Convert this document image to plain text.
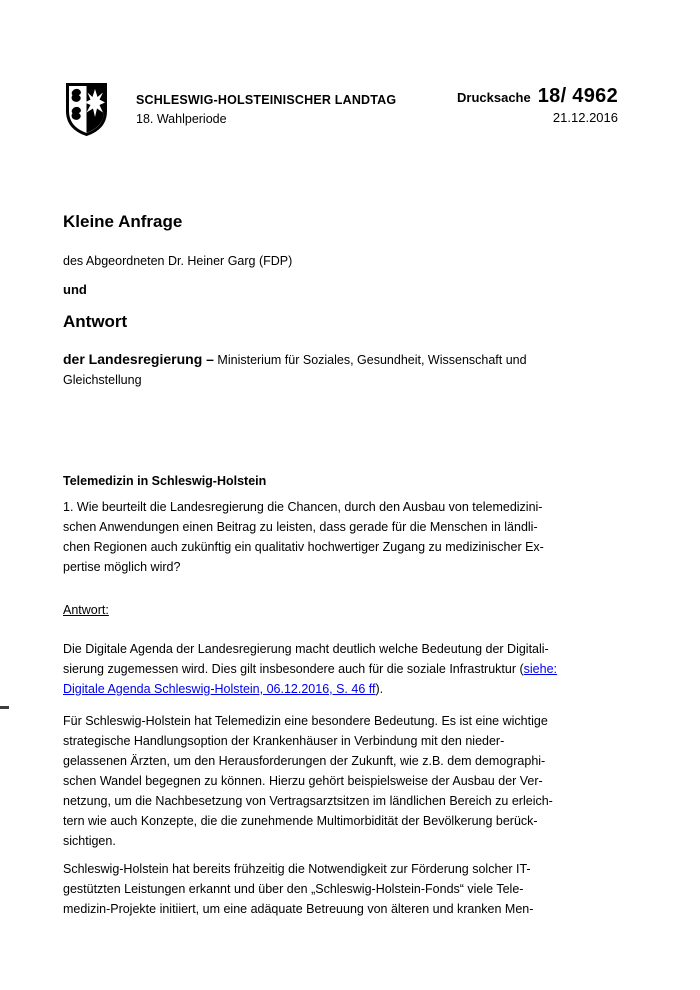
SCHLESWIG-HOLSTEINISCHER LANDTAG
18. Wahlperiode
Drucksache 18/ 4962
21.12.2016
Kleine Anfrage
des Abgeordneten Dr. Heiner Garg (FDP)
und
Antwort
der Landesregierung – Ministerium für Soziales, Gesundheit, Wissenschaft und
Gleichstellung
Telemedizin in Schleswig-Holstein
1. Wie beurteilt die Landesregierung die Chancen, durch den Ausbau von telemedizini-
schen Anwendungen einen Beitrag zu leisten, dass gerade für die Menschen in ländli-
chen Regionen auch zukünftig ein qualitativ hochwertiger Zugang zu medizinischer Ex-
pertise möglich wird?
Antwort:
Die Digitale Agenda der Landesregierung macht deutlich welche Bedeutung der Digitali-
sierung zugemessen wird. Dies gilt insbesondere auch für die soziale Infrastruktur (siehe:
Digitale Agenda Schleswig-Holstein, 06.12.2016, S. 46 ff).
Für Schleswig-Holstein hat Telemedizin eine besondere Bedeutung. Es ist eine wichtige
strategische Handlungsoption der Krankenhäuser in Verbindung mit den nieder-
gelassenen Ärzten, um den Herausforderungen der Zukunft, wie z.B. dem demographi-
schen Wandel begegnen zu können. Hierzu gehört beispielsweise der Ausbau der Ver-
netzung, um die Nachbesetzung von Vertragsarztsitzen im ländlichen Bereich zu erleich-
tern wie auch Konzepte, die die zunehmende Multimorbidität der Bevölkerung berück-
sichtigen.
Schleswig-Holstein hat bereits frühzeitig die Notwendigkeit zur Förderung solcher IT-
gestützten Leistungen erkannt und über den „Schleswig-Holstein-Fonds“ viele Tele-
medizin-Projekte initiiert, um eine adäquate Betreuung von älteren und kranken Men-
